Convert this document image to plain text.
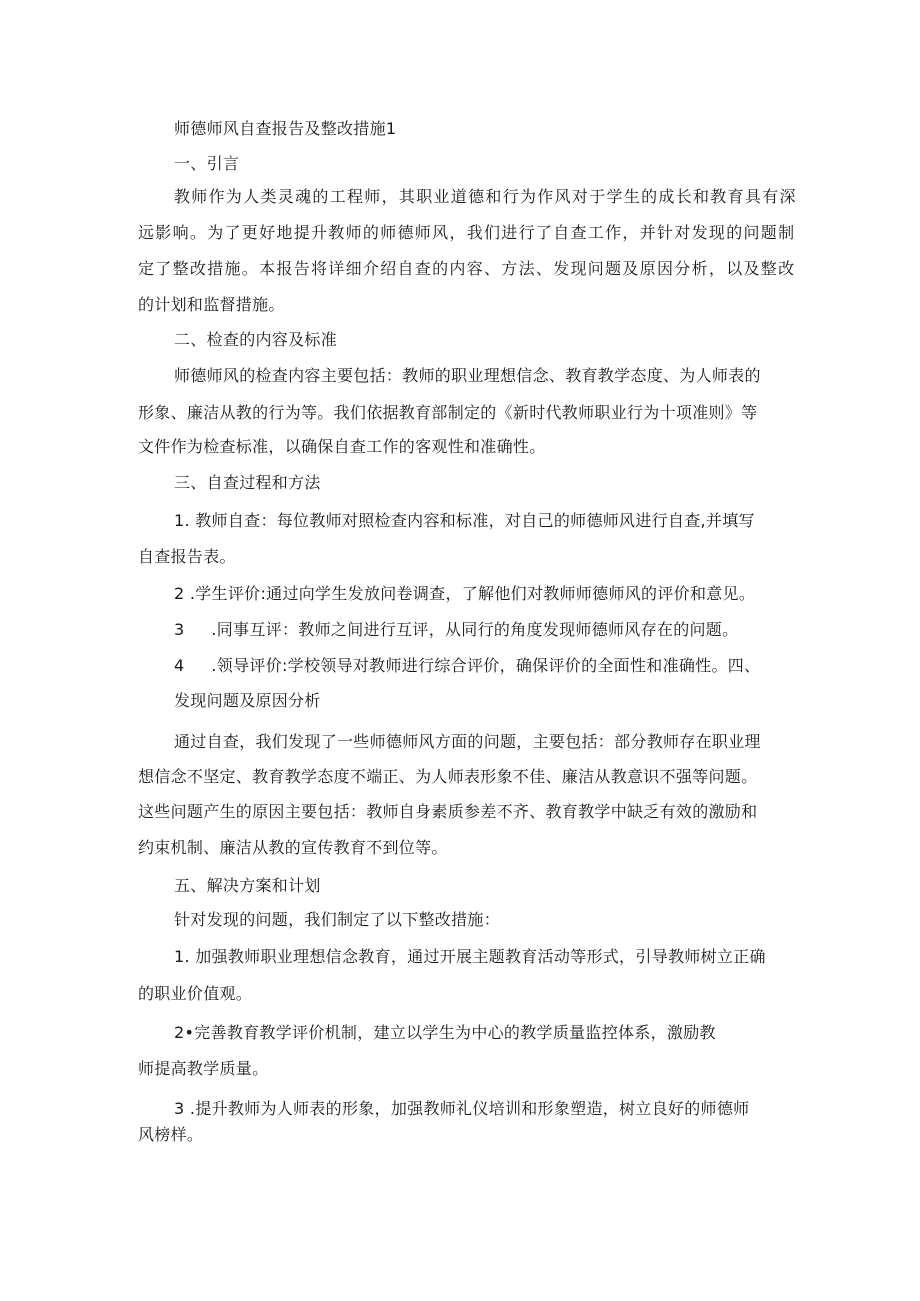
师德师风自查报告及整改措施1
一、引言
教师作为人类灵魂的工程师，其职业道德和行为作风对于学生的成长和教育具有深
远影响。为了更好地提升教师的师德师风，我们进行了自查工作，并针对发现的问题制
定了整改措施。本报告将详细介绍自查的内容、方法、发现问题及原因分析，以及整改
的计划和监督措施。
二、检查的内容及标准
师德师风的检查内容主要包括：教师的职业理想信念、教育教学态度、为人师表的
形象、廉洁从教的行为等。我们依据教育部制定的《新时代教师职业行为十项准则》等
文件作为检查标准，以确保自查工作的客观性和准确性。
三、自查过程和方法
1. 教师自查：每位教师对照检查内容和标准，对自己的师德师风进行自查,并填写
自查报告表。
2 .学生评价:通过向学生发放问卷调查，了解他们对教师师德师风的评价和意见。
3     .同事互评：教师之间进行互评，从同行的角度发现师德师风存在的问题。
4     .领导评价:学校领导对教师进行综合评价，确保评价的全面性和准确性。四、
发现问题及原因分析
通过自查，我们发现了一些师德师风方面的问题，主要包括：部分教师存在职业理
想信念不坚定、教育教学态度不端正、为人师表形象不佳、廉洁从教意识不强等问题。
这些问题产生的原因主要包括：教师自身素质参差不齐、教育教学中缺乏有效的激励和
约束机制、廉洁从教的宣传教育不到位等。
五、解决方案和计划
针对发现的问题，我们制定了以下整改措施：
1. 加强教师职业理想信念教育，通过开展主题教育活动等形式，引导教师树立正确
的职业价值观。
2•完善教育教学评价机制，建立以学生为中心的教学质量监控体系，激励教
师提高教学质量。
3 .提升教师为人师表的形象，加强教师礼仪培训和形象塑造，树立良好的师德师
风榜样。
